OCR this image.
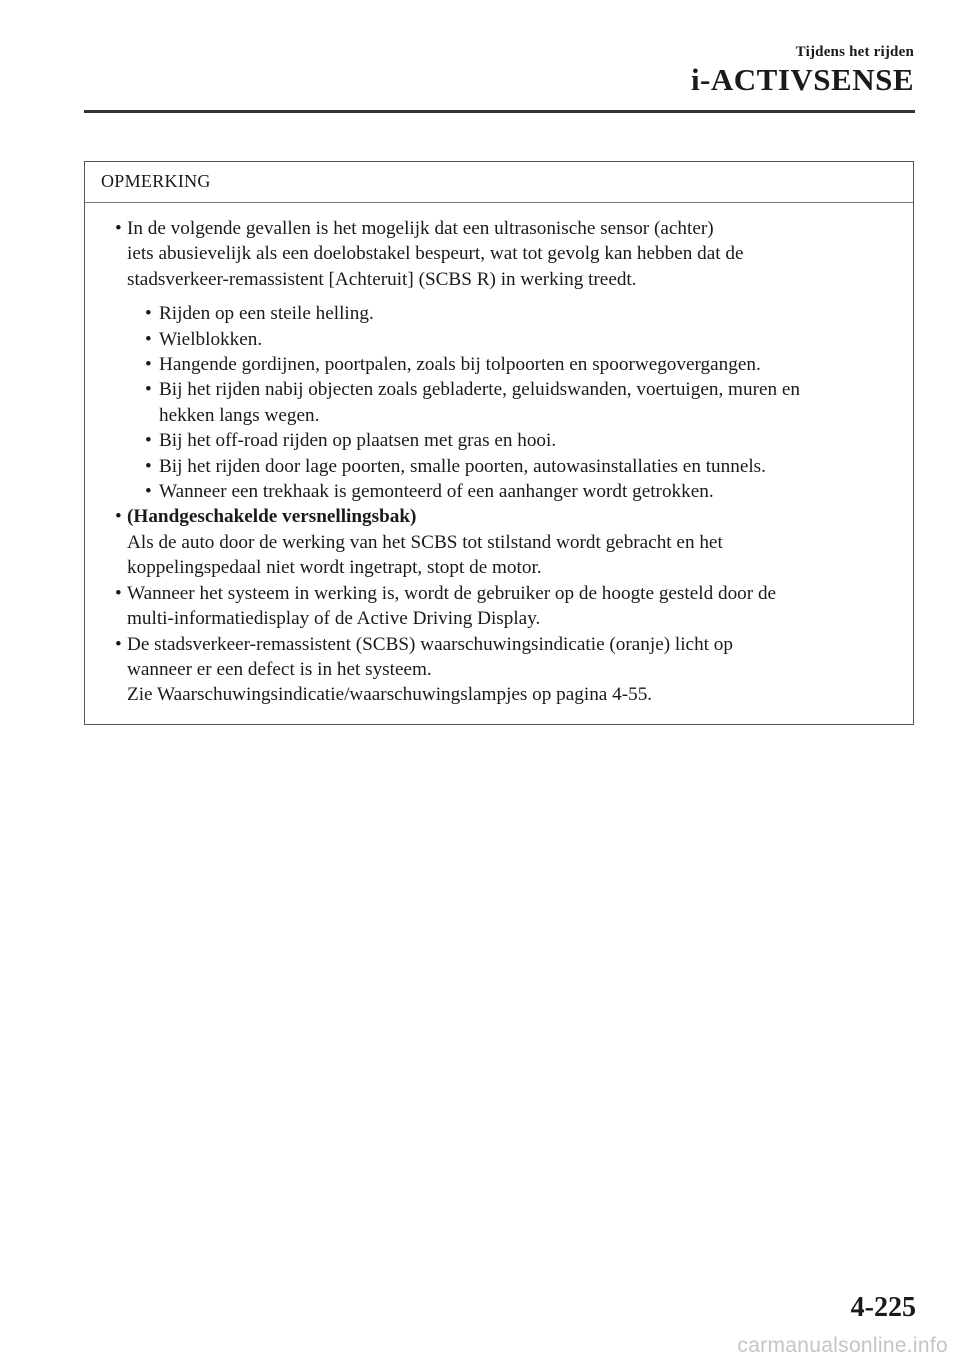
Tijdens het rijden
i-ACTIVSENSE
OPMERKING
• In de volgende gevallen is het mogelijk dat een ultrasonische sensor (achter)
iets abusievelijk als een doelobstakel bespeurt, wat tot gevolg kan hebben dat de
stadsverkeer-remassistent [Achteruit] (SCBS R) in werking treedt.
• Rijden op een steile helling.
• Wielblokken.
• Hangende gordijnen, poortpalen, zoals bij tolpoorten en spoorwegovergangen.
• Bij het rijden nabij objecten zoals gebladerte, geluidswanden, voertuigen, muren en
hekken langs wegen.
• Bij het off-road rijden op plaatsen met gras en hooi.
• Bij het rijden door lage poorten, smalle poorten, autowasinstallaties en tunnels.
• Wanneer een trekhaak is gemonteerd of een aanhanger wordt getrokken.
• (Handgeschakelde versnellingsbak)
Als de auto door de werking van het SCBS tot stilstand wordt gebracht en het
koppelingspedaal niet wordt ingetrapt, stopt de motor.
• Wanneer het systeem in werking is, wordt de gebruiker op de hoogte gesteld door de
multi-informatiedisplay of de Active Driving Display.
• De stadsverkeer-remassistent (SCBS) waarschuwingsindicatie (oranje) licht op
wanneer er een defect is in het systeem.
Zie Waarschuwingsindicatie/waarschuwingslampjes op pagina 4-55.
4-225
carmanualsonline.info
